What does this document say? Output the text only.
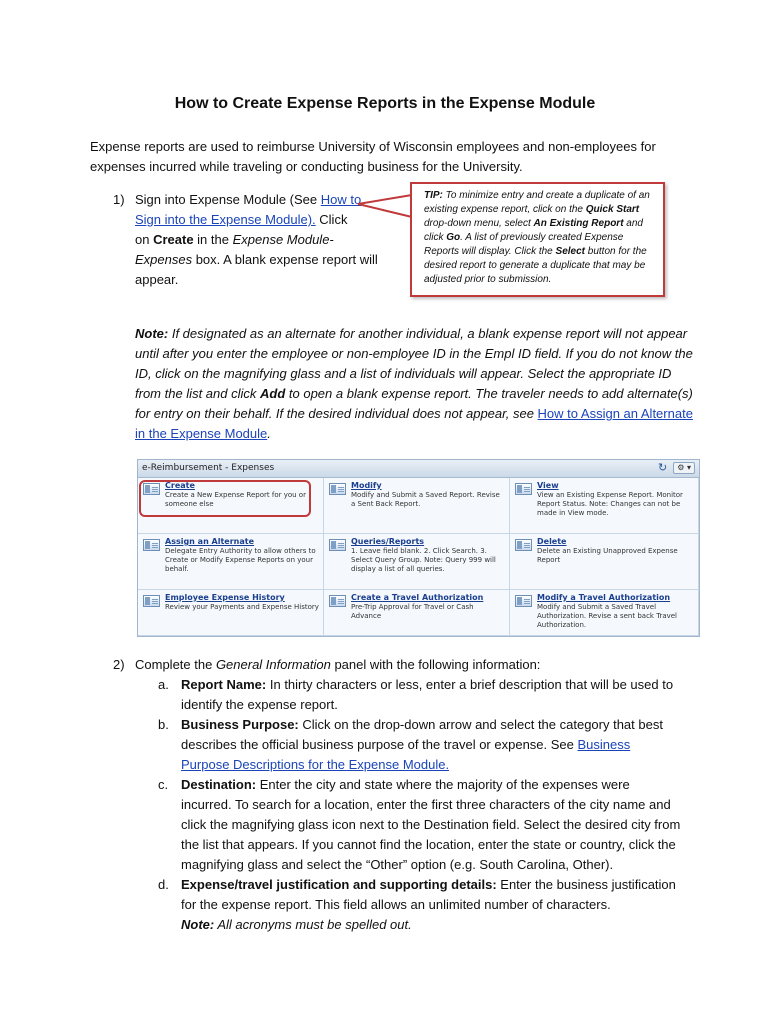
How to Create Expense Reports in the Expense Module
Expense reports are used to reimburse University of Wisconsin employees and non-employees for expenses incurred while traveling or conducting business for the University.
1) Sign into Expense Module (See How to
Sign into the Expense Module). Click
on Create in the Expense Module-
Expenses box. A blank expense report will
appear.
TIP: To minimize entry and create a duplicate of an existing expense report, click on the Quick Start drop-down menu, select An Existing Report and click Go. A list of previously created Expense Reports will display. Click the Select button for the desired report to generate a duplicate that may be adjusted prior to submission.
Note: If designated as an alternate for another individual, a blank expense report will not appear until after you enter the employee or non-employee ID in the Empl ID field. If you do not know the ID, click on the magnifying glass and a list of individuals will appear. Select the appropriate ID from the list and click Add to open a blank expense report. The traveler needs to add alternate(s) for entry on their behalf. If the desired individual does not appear, see How to Assign an Alternate in the Expense Module.
e-Reimbursement - Expenses	↻	⚙ ▾
Create
Create a New Expense Report for you or someone else
Modify
Modify and Submit a Saved Report. Revise a Sent Back Report.
View
View an Existing Expense Report. Monitor Report Status. Note: Changes can not be made in View mode.
Assign an Alternate
Delegate Entry Authority to allow others to Create or Modify Expense Reports on your behalf.
Queries/Reports
1. Leave field blank. 2. Click Search. 3. Select Query Group. Note: Query 999 will display a list of all queries.
Delete
Delete an Existing Unapproved Expense Report
Employee Expense History
Review your Payments and Expense History
Create a Travel Authorization
Pre-Trip Approval for Travel or Cash Advance
Modify a Travel Authorization
Modify and Submit a Saved Travel Authorization. Revise a sent back Travel Authorization.
2) Complete the General Information panel with the following information:
a. Report Name: In thirty characters or less, enter a brief description that will be used to identify the expense report.
b. Business Purpose: Click on the drop-down arrow and select the category that best describes the official business purpose of the travel or expense. See Business Purpose Descriptions for the Expense Module.
c. Destination: Enter the city and state where the majority of the expenses were incurred. To search for a location, enter the first three characters of the city name and click the magnifying glass icon next to the Destination field. Select the desired city from the list that appears. If you cannot find the location, enter the state or country, click the magnifying glass and select the “Other” option (e.g. South Carolina, Other).
d. Expense/travel justification and supporting details: Enter the business justification for the expense report. This field allows an unlimited number of characters.
Note: All acronyms must be spelled out.
